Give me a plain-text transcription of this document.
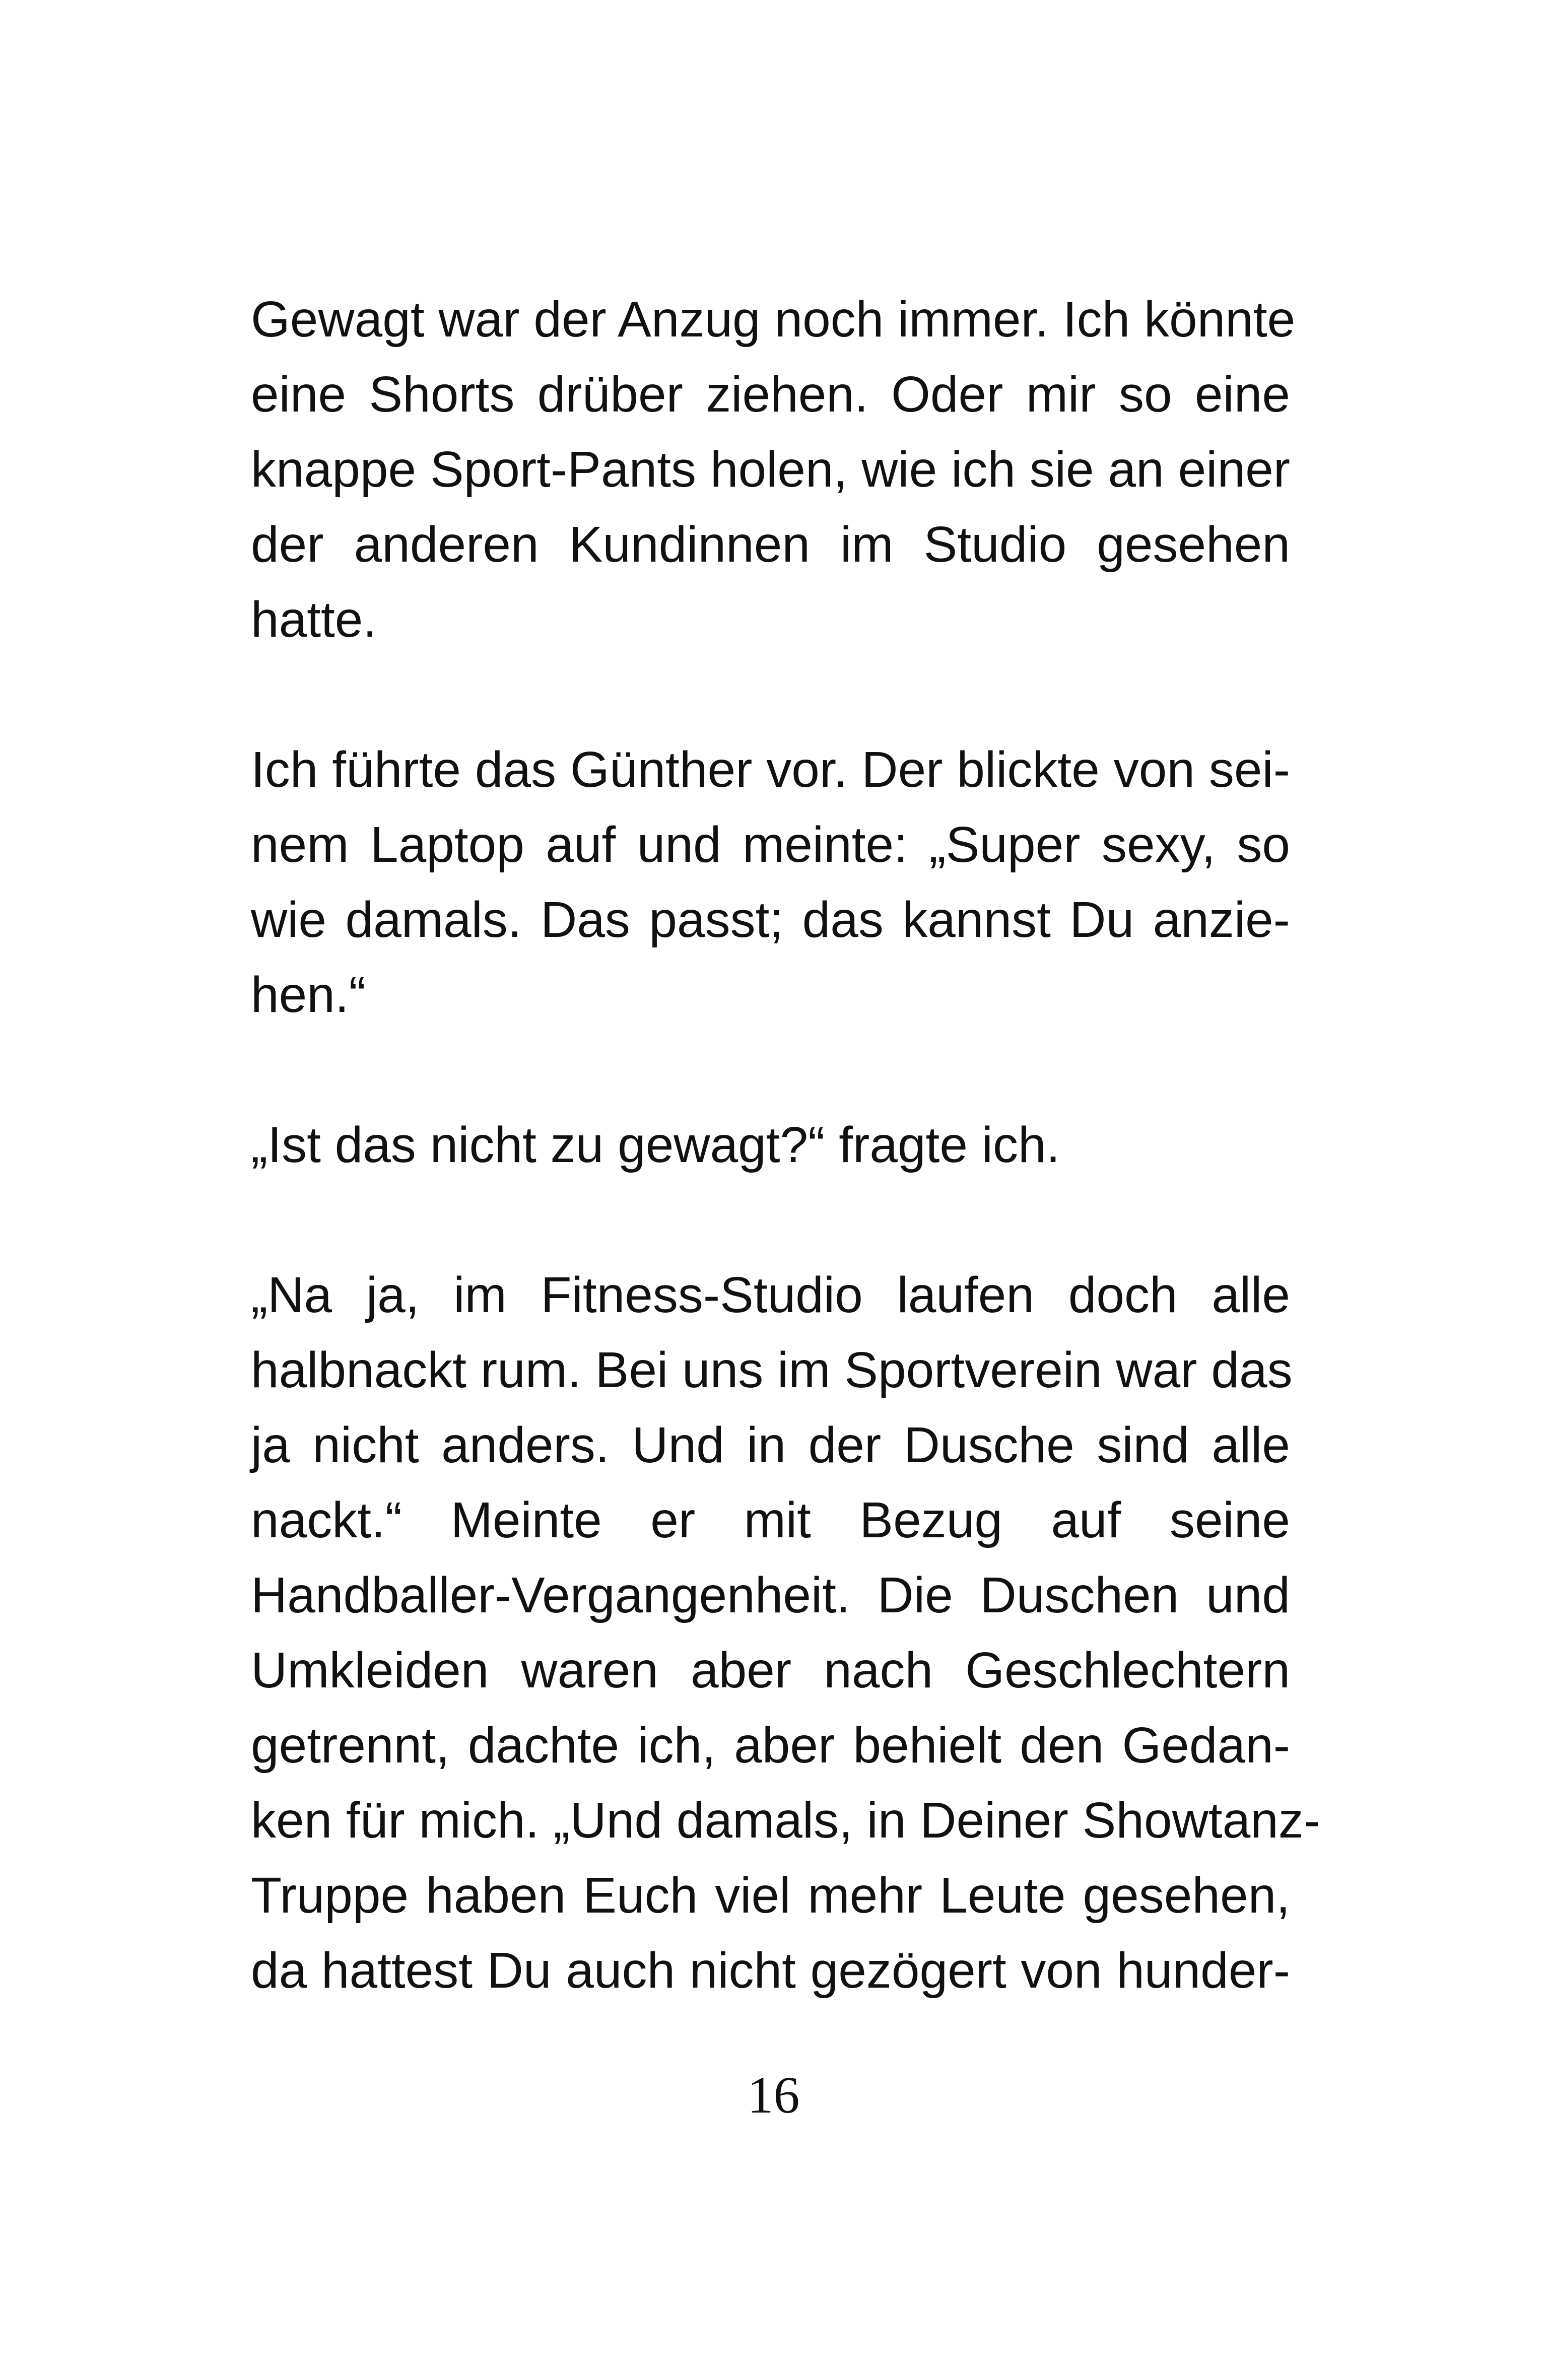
Gewagt war der Anzug noch immer. Ich könnte
eine Shorts drüber ziehen. Oder mir so eine
knappe Sport-Pants holen, wie ich sie an einer
der anderen Kundinnen im Studio gesehen
hatte.

Ich führte das Günther vor. Der blickte von sei-
nem Laptop auf und meinte: „Super sexy, so
wie damals. Das passt; das kannst Du anzie-
hen.“

„Ist das nicht zu gewagt?“ fragte ich.

„Na ja, im Fitness-Studio laufen doch alle
halbnackt rum. Bei uns im Sportverein war das
ja nicht anders. Und in der Dusche sind alle
nackt.“ Meinte er mit Bezug auf seine
Handballer-Vergangenheit. Die Duschen und
Umkleiden waren aber nach Geschlechtern
getrennt, dachte ich, aber behielt den Gedan-
ken für mich. „Und damals, in Deiner Showtanz-
Truppe haben Euch viel mehr Leute gesehen,
da hattest Du auch nicht gezögert von hunder-

16
